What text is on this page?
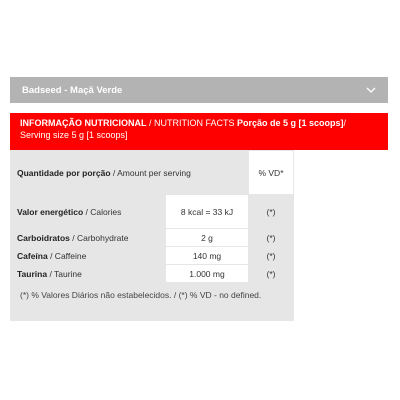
Badseed - Maçã Verde
INFORMAÇÃO NUTRICIONAL / NUTRITION FACTS Porção de 5 g [1 scoops]/
Serving size 5 g [1 scoops]
Quantidade por porção / Amount per serving		% VD*
Valor energético / Calories	8 kcal = 33 kJ	(*)
Carboidratos / Carbohydrate	2 g	(*)
Cafeína / Caffeine	140 mg	(*)
Taurina / Taurine	1.000 mg	(*)
(*) % Valores Diários não estabelecidos. / (*) % VD - no defined.
